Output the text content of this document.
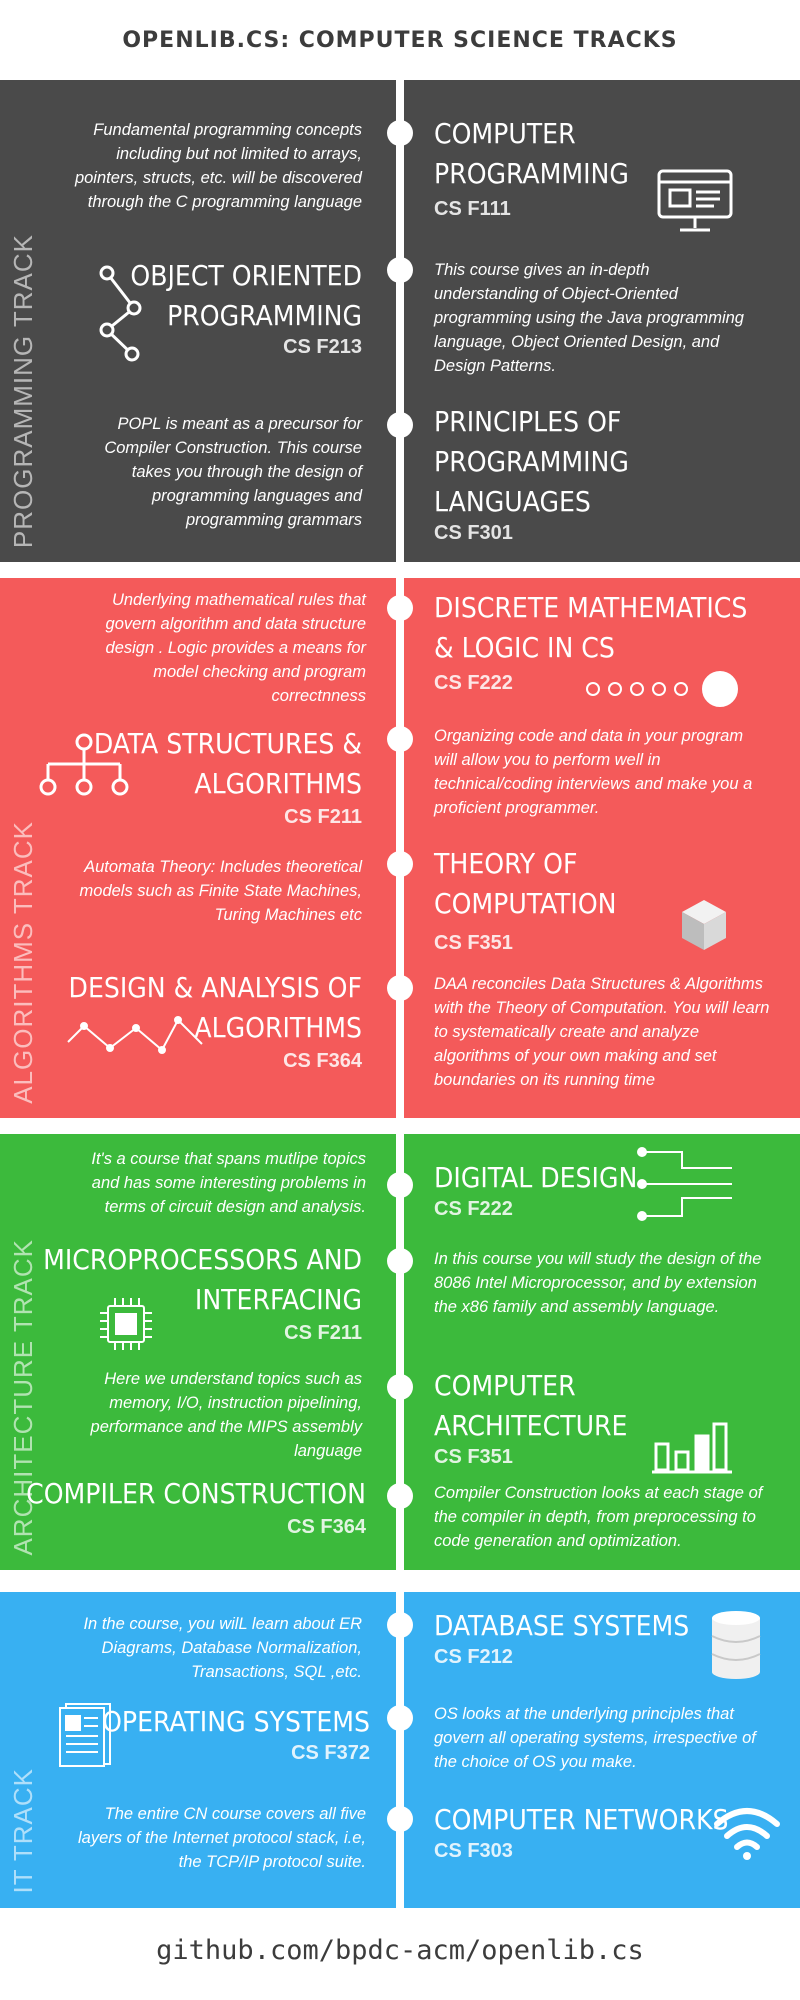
OPENLIB.CS: COMPUTER SCIENCE TRACKS
PROGRAMMING TRACK
Fundamental programming concepts including but not limited to arrays, pointers, structs, etc. will be discovered through the C programming language
COMPUTER PROGRAMMING
CS F111
OBJECT ORIENTED PROGRAMMING
CS F213
This course gives an in-depth understanding of Object-Oriented programming using the Java programming language, Object Oriented Design, and Design Patterns.
POPL is meant as a precursor for Compiler Construction. This course takes you through the design of programming languages and programming grammars
PRINCIPLES OF PROGRAMMING LANGUAGES
CS F301
ALGORITHMS TRACK
Underlying mathematical rules that govern algorithm and data structure design . Logic provides a means for model checking and program correctnness
DISCRETE MATHEMATICS & LOGIC IN CS
CS F222
DATA STRUCTURES & ALGORITHMS
CS F211
Organizing code and data in your program will allow you to perform well in technical/coding interviews and make you a proficient programmer.
Automata Theory: Includes theoretical models such as Finite State Machines, Turing Machines etc
THEORY OF COMPUTATION
CS F351
DESIGN & ANALYSIS OF ALGORITHMS
CS F364
DAA reconciles Data Structures & Algorithms with the Theory of Computation. You will learn to systematically create and analyze algorithms of your own making and set boundaries on its running time
ARCHITECTURE TRACK
It's a course that spans mutlipe topics and has some interesting problems in terms of circuit design and analysis.
DIGITAL DESIGN
CS F222
MICROPROCESSORS AND INTERFACING
CS F211
In this course you will study the design of the 8086 Intel Microprocessor, and by extension the x86 family and assembly language.
Here we understand topics such as memory, I/O, instruction pipelining, performance and the MIPS assembly language
COMPUTER ARCHITECTURE
CS F351
COMPILER CONSTRUCTION
CS F364
Compiler Construction looks at each stage of the compiler in depth, from preprocessing to code generation and optimization.
IT TRACK
In the course, you wilL learn about ER Diagrams, Database Normalization, Transactions, SQL ,etc.
DATABASE SYSTEMS
CS F212
OPERATING SYSTEMS
CS F372
OS looks at the underlying principles that govern all operating systems, irrespective of the choice of OS you make.
The entire CN course covers all five layers of the Internet protocol stack, i.e, the TCP/IP protocol suite.
COMPUTER NETWORKS
CS F303
github.com/bpdc-acm/openlib.cs
